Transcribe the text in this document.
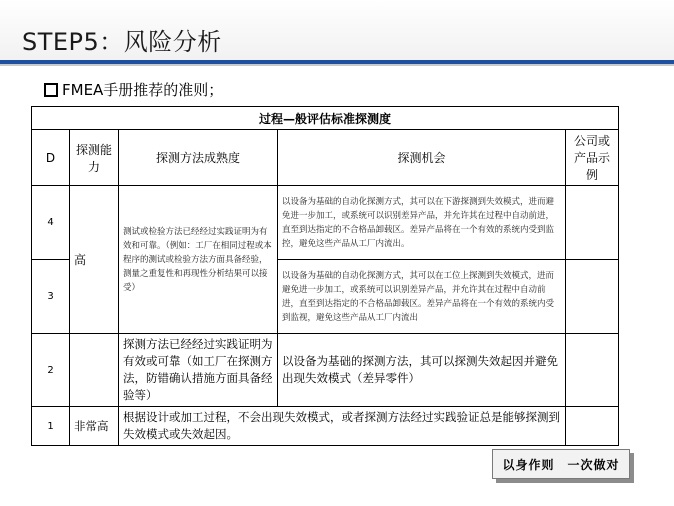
STEP5：风险分析
FMEA手册推荐的准则；
过程—般评估标准探测度				
D	探测能力	探测方法成熟度	探测机会	公司或产品示例
4	高	测试或检验方法已经经过实践证明为有效和可靠。（例如：工厂在相同过程或本程序的测试或检验方法方面具备经验，测量之重复性和再现性分析结果可以接受）	以设备为基础的自动化探测方式，其可以在下游探测到失效模式，进而避免进一步加工，或系统可以识别差异产品，并允许其在过程中自动前进，直至到达指定的不合格品卸载区。差异产品将在一个有效的系统内受到监控，避免这些产品从工厂内流出。	
3			以设备为基础的自动化探测方式，其可以在工位上探测到失效模式，进而避免进一步加工，或系统可以识别差异产品，并允许其在过程中自动前进，直至到达指定的不合格品卸载区。差异产品将在一个有效的系统内受到监视，避免这些产品从工厂内流出	
2		探测方法已经经过实践证明为有效或可靠（如工厂在探测方法，防错确认措施方面具备经验等）	以设备为基础的探测方法，其可以探测失效起因并避免出现失效模式（差异零件）	
1	非常高	根据设计或加工过程，不会出现失效模式，或者探测方法经过实践验证总是能够探测到失效模式或失效起因。		
以身作则　一次做对
